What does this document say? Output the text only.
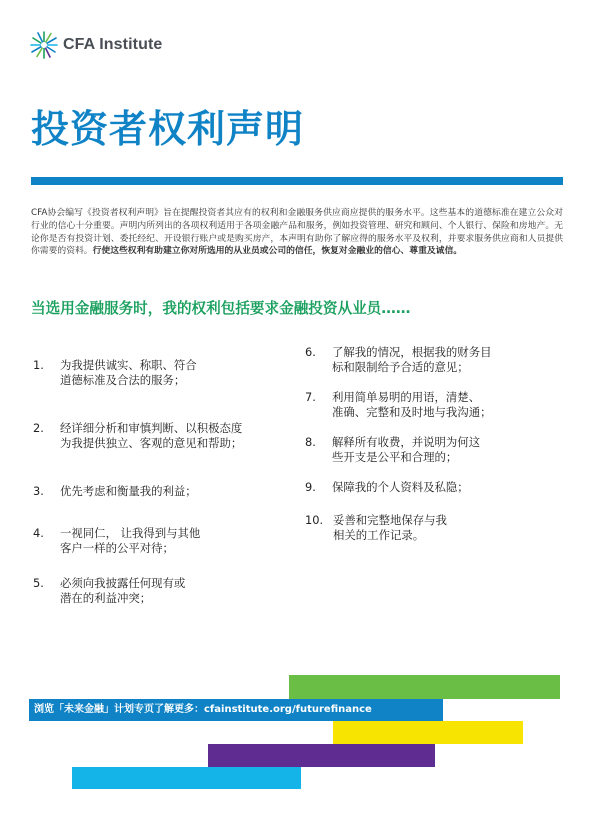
CFA Institute
投资者权利声明

CFA协会编写《投资者权利声明》旨在提醒投资者其应有的权利和金融服务供应商应提供的服务水平。这些基本的道德标准在建立公众对行业的信心十分重要。声明内所列出的各项权利适用于各项金融产品和服务，例如投资管理、研究和顾问、个人银行、保险和房地产。无论你是否有投资计划、委托经纪、开设银行账户或是购买房产，本声明有助你了解应得的服务水平及权利，并要求服务供应商和人员提供你需要的资料。行使这些权利有助建立你对所选用的从业员或公司的信任，恢复对金融业的信心、尊重及诚信。

当选用金融服务时，我的权利包括要求金融投资从业员……
1.	为我提供诚实、称职、符合
道德标准及合法的服务；
2.	经详细分析和审慎判断、以积极态度
为我提供独立、客观的意见和帮助；
3.	优先考虑和衡量我的利益；
4.	一视同仁， 让我得到与其他
客户一样的公平对待；
5.	必须向我披露任何现有或
潜在的利益冲突；
6.	了解我的情况，根据我的财务目
标和限制给予合适的意见；
7.	利用简单易明的用语，清楚、
准确、完整和及时地与我沟通；
8.	解释所有收费，并说明为何这
些开支是公平和合理的；
9.	保障我的个人资料及私隐；
10. 妥善和完整地保存与我
相关的工作记录。
浏览「未来金融」计划专页了解更多：cfainstitute.org/futurefinance
